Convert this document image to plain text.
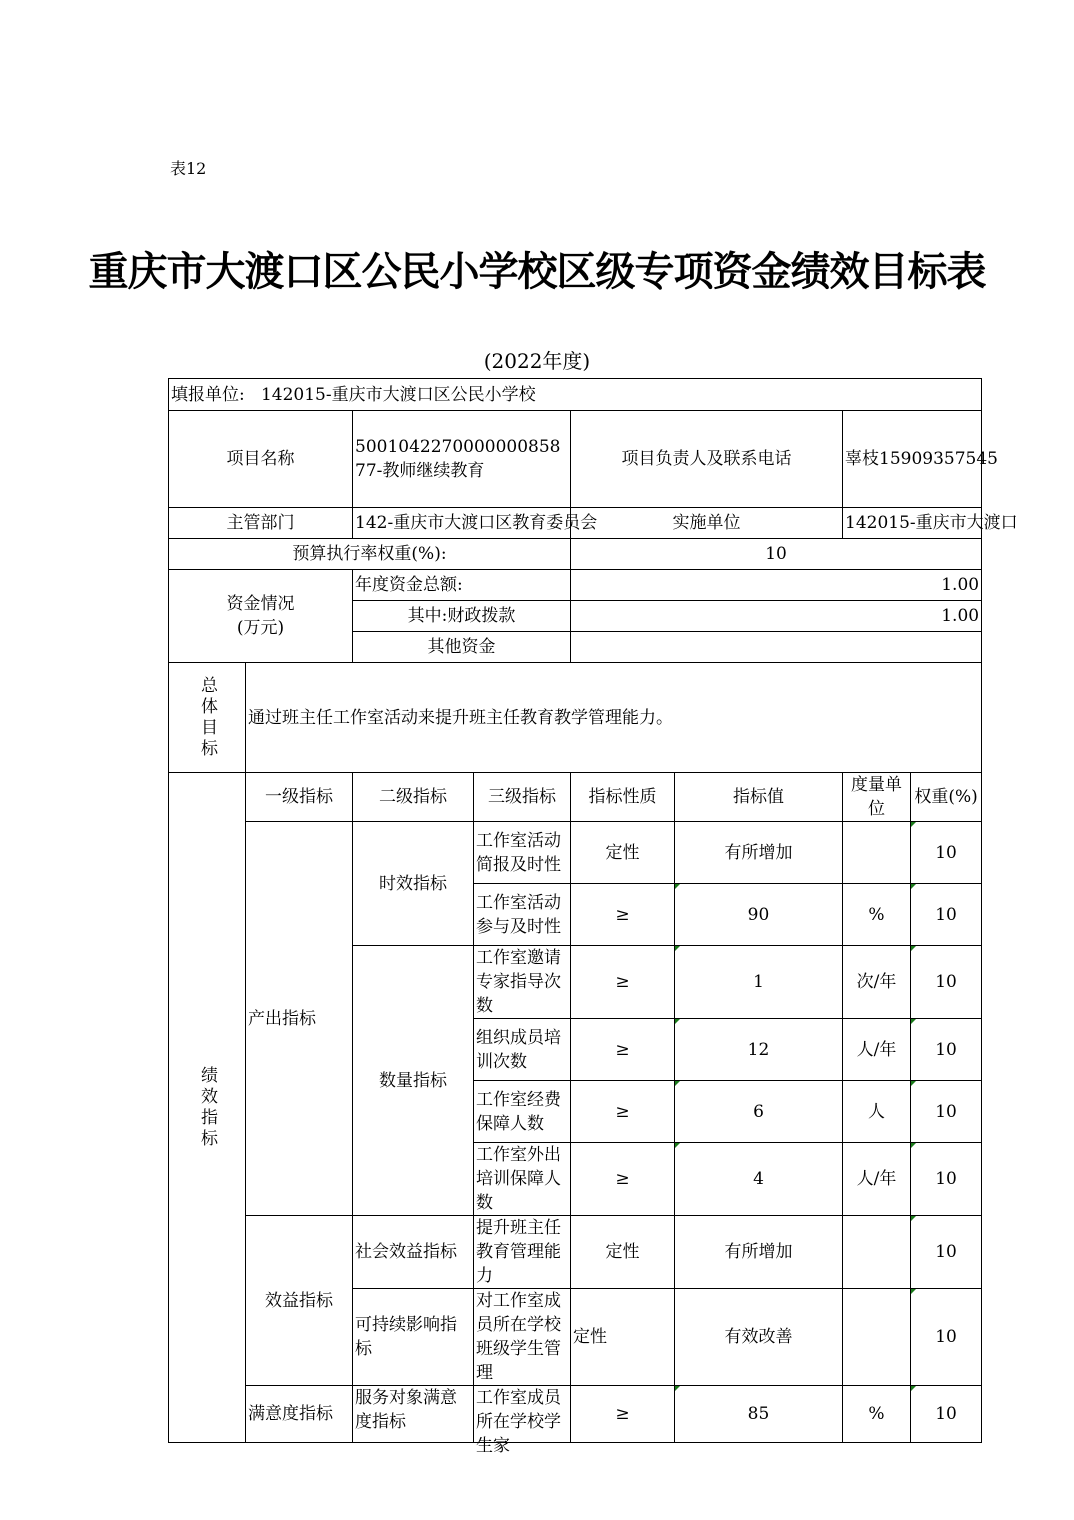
表12
重庆市大渡口区公民小学校区级专项资金绩效目标表
(2022年度)
填报单位: 142015-重庆市大渡口区公民小学校							
项目名称		500104227000000085877-教师继续教育		项目负责人及联系电话		辜枝15909357545	
主管部门		142-重庆市大渡口区教育委员会		实施单位		142015-重庆市大渡口	
预算执行率权重(%):				10			

资金情况
(万元)		年度资金总额:		1.00			
		其中:财政拨款		1.00			
		其他资金					

总体目标	通过班主任工作室活动来提升班主任教育教学管理能力。						

绩效指标	一级指标	二级指标	三级指标	指标性质	指标值	度量单位	权重(%)
	产出指标	时效指标	工作室活动简报及时性	定性	有所增加		10
			工作室活动参与及时性	≥	90	%	10
		数量指标	工作室邀请专家指导次数	≥	1	次/年	10
			组织成员培训次数	≥	12	人/年	10
			工作室经费保障人数	≥	6	人	10
			工作室外出培训保障人数	≥	4	人/年	10
	效益指标	社会效益指标	提升班主任教育管理能力	定性	有所增加		10
		可持续影响指标	对工作室成员所在学校班级学生管理	定性	有效改善		10
	满意度指标	服务对象满意度指标	工作室成员所在学校学生家	≥	85	%	10
